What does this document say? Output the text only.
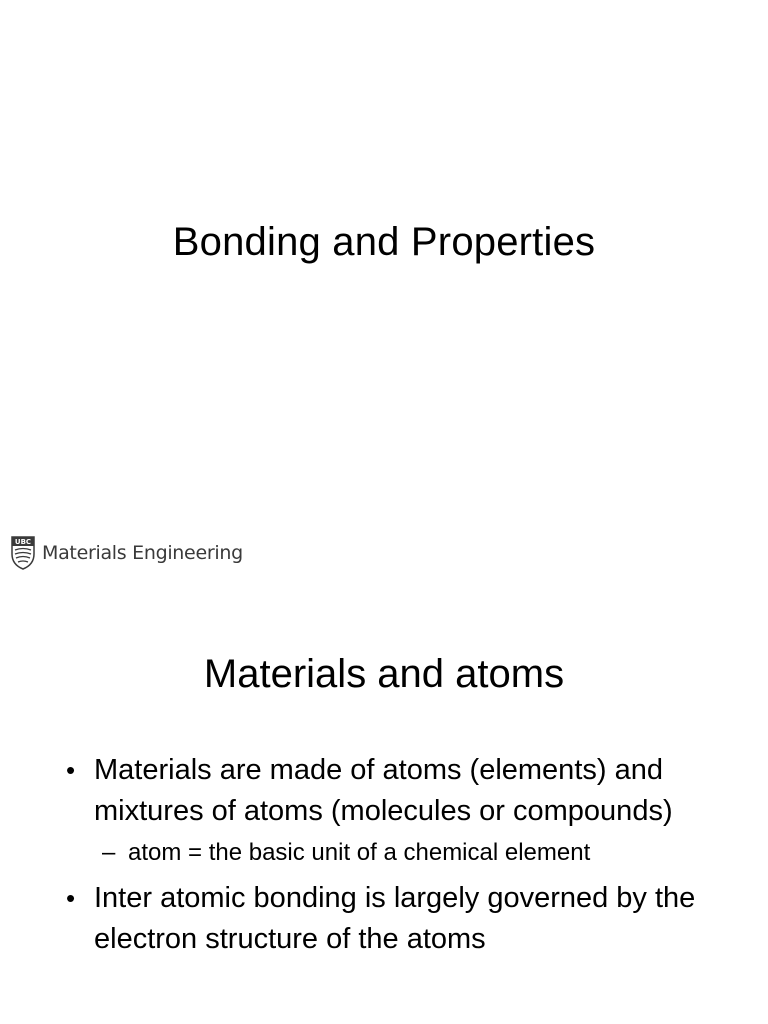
Bonding and Properties
UBC Materials Engineering
Materials and atoms
• Materials are made of atoms (elements) and mixtures of atoms (molecules or compounds)
– atom = the basic unit of a chemical element
• Inter atomic bonding is largely governed by the electron structure of the atoms
